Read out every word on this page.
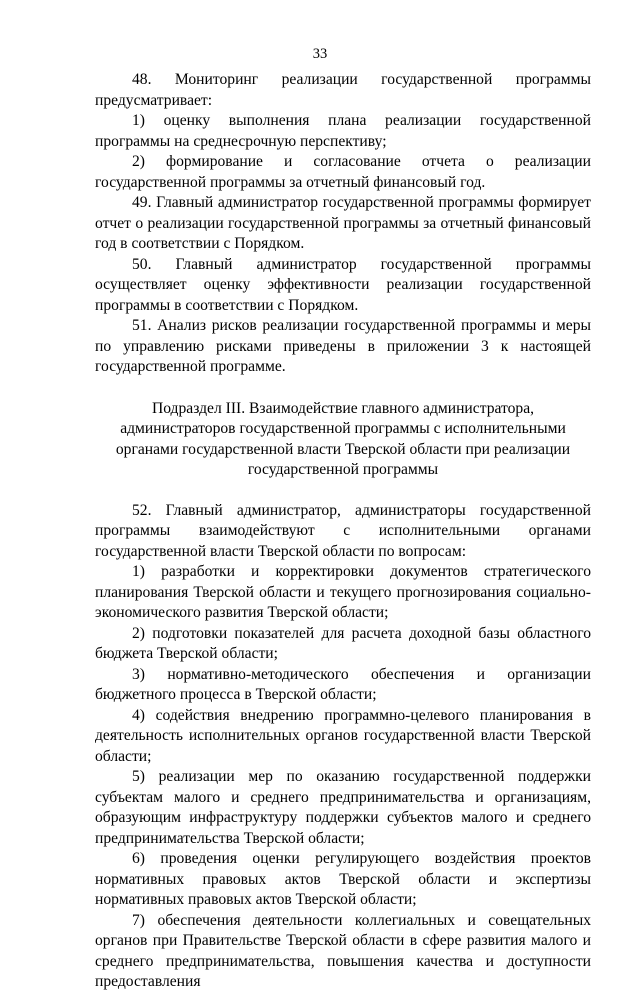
33

48. Мониторинг реализации государственной программы предусматривает:

1) оценку выполнения плана реализации государственной программы на среднесрочную перспективу;

2) формирование и согласование отчета о реализации государственной программы за отчетный финансовый год.

49. Главный администратор государственной программы формирует отчет о реализации государственной программы за отчетный финансовый год в соответствии с Порядком.

50. Главный администратор государственной программы осуществляет оценку эффективности реализации государственной программы в соответствии с Порядком.

51. Анализ рисков реализации государственной программы и меры по управлению рисками приведены в приложении 3 к настоящей государственной программе.

Подраздел III. Взаимодействие главного администратора, администраторов государственной программы с исполнительными органами государственной власти Тверской области при реализации государственной программы

52. Главный администратор, администраторы государственной программы взаимодействуют с исполнительными органами государственной власти Тверской области по вопросам:

1) разработки и корректировки документов стратегического планирования Тверской области и текущего прогнозирования социально-экономического развития Тверской области;

2) подготовки показателей для расчета доходной базы областного бюджета Тверской области;

3) нормативно-методического обеспечения и организации бюджетного процесса в Тверской области;

4) содействия внедрению программно-целевого планирования в деятельность исполнительных органов государственной власти Тверской области;

5) реализации мер по оказанию государственной поддержки субъектам малого и среднего предпринимательства и организациям, образующим инфраструктуру поддержки субъектов малого и среднего предпринимательства Тверской области;

6) проведения оценки регулирующего воздействия проектов нормативных правовых актов Тверской области и экспертизы нормативных правовых актов Тверской области;

7) обеспечения деятельности коллегиальных и совещательных органов при Правительстве Тверской области в сфере развития малого и среднего предпринимательства, повышения качества и доступности предоставления
